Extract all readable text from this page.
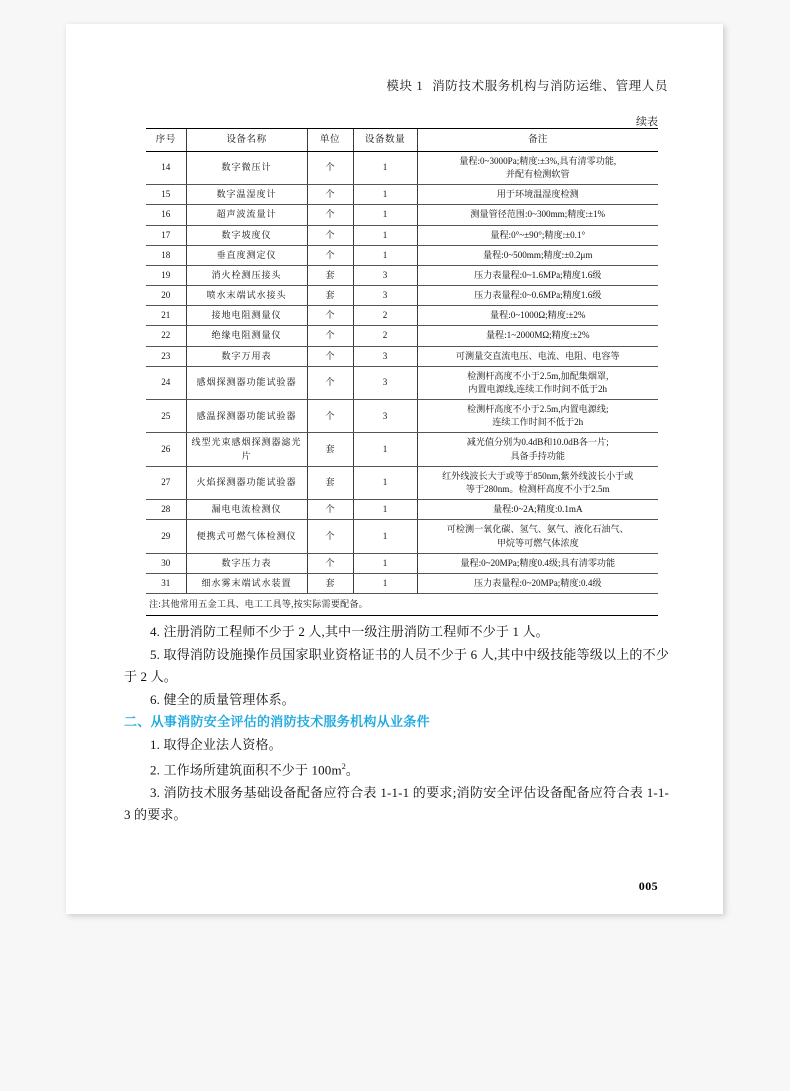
模块 1 消防技术服务机构与消防运维、管理人员
续表
序号	设备名称	单位	设备数量	备注
14	数字微压计	个	1	量程:0~3000Pa;精度:±3%,具有清零功能,
并配有检测软管
15	数字温湿度计	个	1	用于环境温湿度检测
16	超声波流量计	个	1	测量管径范围:0~300mm;精度:±1%
17	数字坡度仪	个	1	量程:0°~±90°;精度:±0.1°
18	垂直度测定仪	个	1	量程:0~500mm;精度:±0.2μm
19	消火栓测压接头	套	3	压力表量程:0~1.6MPa;精度1.6级
20	喷水末端试水接头	套	3	压力表量程:0~0.6MPa;精度1.6级
21	接地电阻测量仪	个	2	量程:0~1000Ω;精度:±2%
22	绝缘电阻测量仪	个	2	量程:1~2000MΩ;精度:±2%
23	数字万用表	个	3	可测量交直流电压、电流、电阻、电容等
24	感烟探测器功能试验器	个	3	检测杆高度不小于2.5m,加配集烟罩,
内置电源线,连续工作时间不低于2h
25	感温探测器功能试验器	个	3	检测杆高度不小于2.5m,内置电源线;
连续工作时间不低于2h
26	线型光束感烟探测器滤光片	套	1	减光值分别为0.4dB和10.0dB各一片;
具备手持功能
27	火焰探测器功能试验器	套	1	红外线波长大于或等于850nm,紫外线波长小于或
等于280nm。检测杆高度不小于2.5m
28	漏电电流检测仪	个	1	量程:0~2A;精度:0.1mA
29	便携式可燃气体检测仪	个	1	可检测一氧化碳、氢气、氨气、液化石油气、
甲烷等可燃气体浓度
30	数字压力表	个	1	量程:0~20MPa;精度0.4级;具有清零功能
31	细水雾末端试水装置	套	1	压力表量程:0~20MPa;精度:0.4级
注:其他常用五金工具、电工工具等,按实际需要配备。				

4. 注册消防工程师不少于 2 人,其中一级注册消防工程师不少于 1 人。

5. 取得消防设施操作员国家职业资格证书的人员不少于 6 人,其中中级技能等级以上的不少于 2 人。

6. 健全的质量管理体系。

二、从事消防安全评估的消防技术服务机构从业条件

1. 取得企业法人资格。

2. 工作场所建筑面积不少于 $100m^2$。

3. 消防技术服务基础设备配备应符合表 1-1-1 的要求;消防安全评估设备配备应符合表 1-1-3 的要求。

005
